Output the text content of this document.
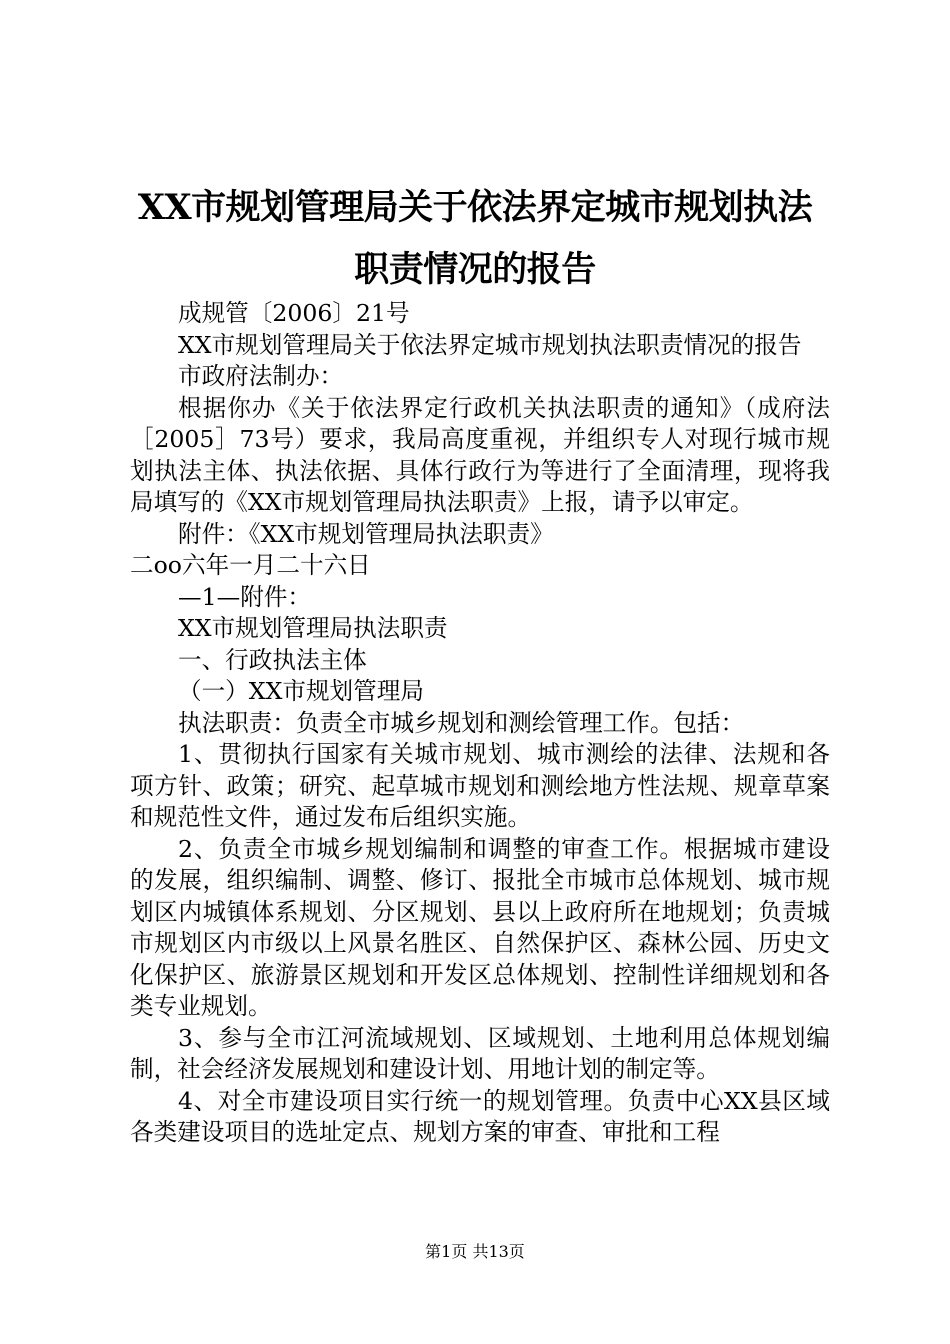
XX市规划管理局关于依法界定城市规划执法
职责情况的报告

成规管〔2006〕21号

XX市规划管理局关于依法界定城市规划执法职责情况的报告

市政府法制办：

根据你办《关于依法界定行政机关执法职责的通知》（成府法［2005］73号）要求，我局高度重视，并组织专人对现行城市规划执法主体、执法依据、具体行政行为等进行了全面清理，现将我局填写的《XX市规划管理局执法职责》上报，请予以审定。

附件：《XX市规划管理局执法职责》

二oo六年一月二十六日

—1—附件：

XX市规划管理局执法职责

一、行政执法主体

（一）XX市规划管理局

执法职责：负责全市城乡规划和测绘管理工作。包括：

1、贯彻执行国家有关城市规划、城市测绘的法律、法规和各项方针、政策；研究、起草城市规划和测绘地方性法规、规章草案和规范性文件，通过发布后组织实施。

2、负责全市城乡规划编制和调整的审查工作。根据城市建设的发展，组织编制、调整、修订、报批全市城市总体规划、城市规划区内城镇体系规划、分区规划、县以上政府所在地规划；负责城市规划区内市级以上风景名胜区、自然保护区、森林公园、历史文化保护区、旅游景区规划和开发区总体规划、控制性详细规划和各类专业规划。

3、参与全市江河流域规划、区域规划、土地利用总体规划编制，社会经济发展规划和建设计划、用地计划的制定等。

4、对全市建设项目实行统一的规划管理。负责中心XX县区域各类建设项目的选址定点、规划方案的审查、审批和工程

第1页 共13页
